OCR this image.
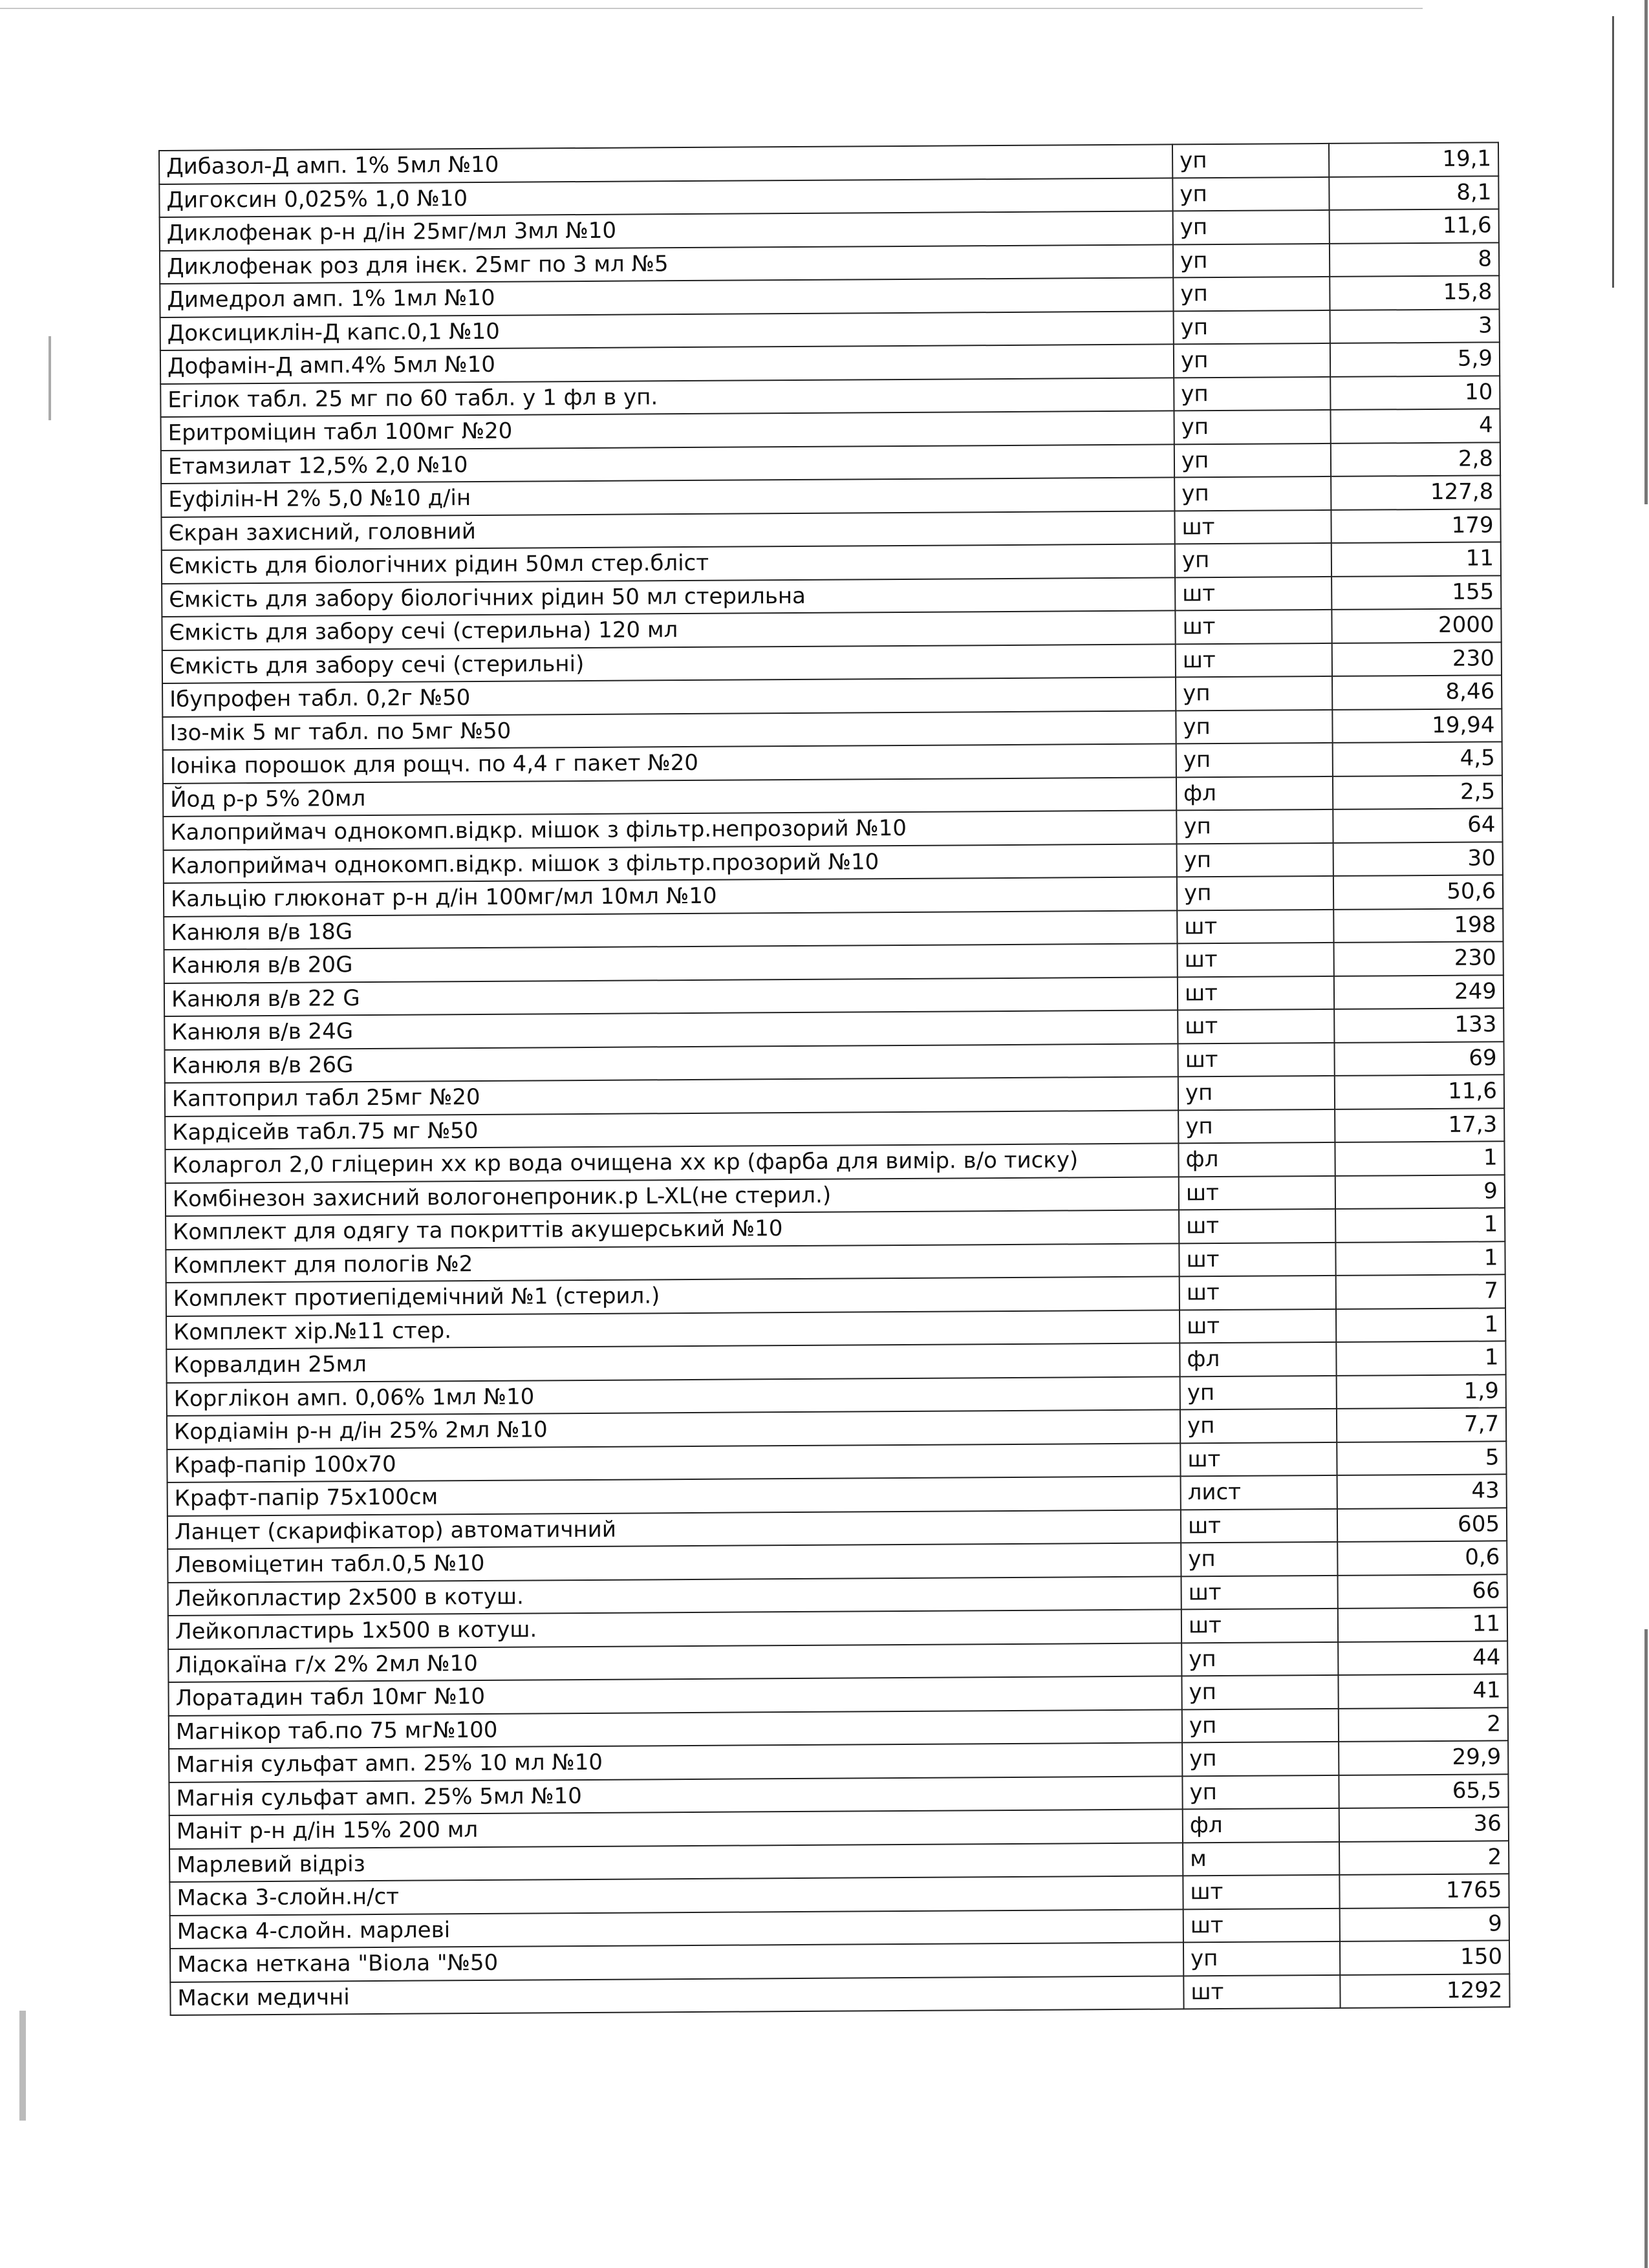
Дибазол-Д амп. 1% 5мл №10	уп	19,1
Дигоксин 0,025% 1,0 №10	уп	8,1
Диклофенак р-н д/ін 25мг/мл 3мл №10	уп	11,6
Диклофенак роз для інєк. 25мг по 3 мл №5	уп	8
Димедрол амп. 1% 1мл №10	уп	15,8
Доксициклін-Д капс.0,1 №10	уп	3
Дофамін-Д амп.4% 5мл №10	уп	5,9
Егілок табл. 25 мг по 60 табл. у 1 фл в уп.	уп	10
Еритроміцин табл 100мг №20	уп	4
Етамзилат 12,5% 2,0 №10	уп	2,8
Еуфілін-Н 2% 5,0 №10 д/ін	уп	127,8
Єкран захисний, головний	шт	179
Ємкість для біологічних рідин 50мл стер.бліст	уп	11
Ємкість для забору біологічних рідин 50 мл стерильна	шт	155
Ємкість для забору сечі (стерильна) 120 мл	шт	2000
Ємкість для забору сечі (стерильні)	шт	230
Ібупрофен табл. 0,2г №50	уп	8,46
Ізо-мік 5 мг табл. по 5мг №50	уп	19,94
Іоніка порошок для рощч. по 4,4 г пакет №20	уп	4,5
Йод р-р 5% 20мл	фл	2,5
Калоприймач однокомп.відкр. мішок з фільтр.непрозорий №10	уп	64
Калоприймач однокомп.відкр. мішок з фільтр.прозорий №10	уп	30
Кальцію глюконат р-н д/ін 100мг/мл 10мл №10	уп	50,6
Канюля в/в 18G	шт	198
Канюля в/в 20G	шт	230
Канюля в/в 22 G	шт	249
Канюля в/в 24G	шт	133
Канюля в/в 26G	шт	69
Каптоприл табл 25мг №20	уп	11,6
Кардісейв табл.75 мг №50	уп	17,3
Коларгол 2,0 гліцерин хх кр вода очищена хх кр (фарба для вимір. в/о тиску)	фл	1
Комбінезон захисний вологонепроник.р L-XL(не стерил.)	шт	9
Комплект для одягу та покриттів акушерський №10	шт	1
Комплект для пологів №2	шт	1
Комплект протиепідемічний №1 (стерил.)	шт	7
Комплект хір.№11 стер.	шт	1
Корвалдин 25мл	фл	1
Корглікон амп. 0,06% 1мл №10	уп	1,9
Кордіамін р-н д/ін 25% 2мл №10	уп	7,7
Краф-папір 100х70	шт	5
Крафт-папір 75х100см	лист	43
Ланцет (скарифікатор) автоматичний	шт	605
Левоміцетин табл.0,5 №10	уп	0,6
Лейкопластир 2х500 в котуш.	шт	66
Лейкопластирь 1х500 в котуш.	шт	11
Лідокаїна г/х 2% 2мл №10	уп	44
Лоратадин табл 10мг №10	уп	41
Магнікор таб.по 75 мг№100	уп	2
Магнія сульфат амп. 25% 10 мл №10	уп	29,9
Магнія сульфат амп. 25% 5мл №10	уп	65,5
Маніт р-н д/ін 15% 200 мл	фл	36
Марлевий відріз	м	2
Маска 3-слойн.н/ст	шт	1765
Маска 4-слойн. марлеві	шт	9
Маска неткана "Віола "№50	уп	150
Маски медичні	шт	1292
